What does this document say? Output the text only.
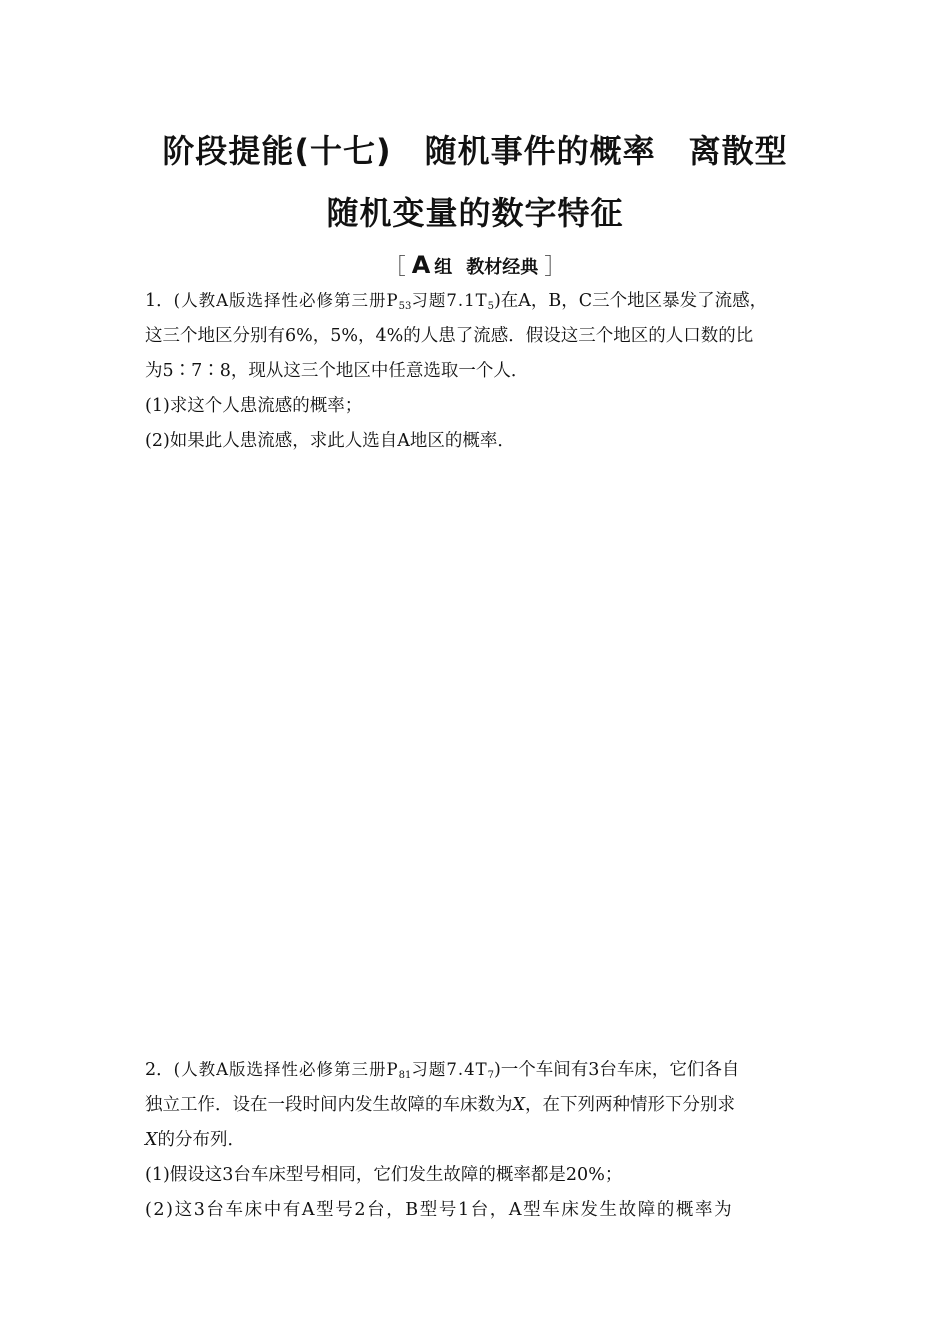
阶段提能(十七)　随机事件的概率　离散型
随机变量的数字特征
［ A 组 教材经典 ］
1．(人教A版选择性必修第三册$P_{53}$习题$7.1T_5$)在A，B，C三个地区暴发了流感，
这三个地区分别有6%，5%，4%的人患了流感．假设这三个地区的人口数的比
为5∶7∶8，现从这三个地区中任意选取一个人．
(1)求这个人患流感的概率；
(2)如果此人患流感，求此人选自A地区的概率．
2．(人教A版选择性必修第三册$P_{81}$习题$7.4T_7$)一个车间有3台车床，它们各自
独立工作．设在一段时间内发生故障的车床数为X，在下列两种情形下分别求
X的分布列．
(1)假设这3台车床型号相同，它们发生故障的概率都是20%；
(2)这3台车床中有A型号2台，B型号1台，A型车床发生故障的概率为
